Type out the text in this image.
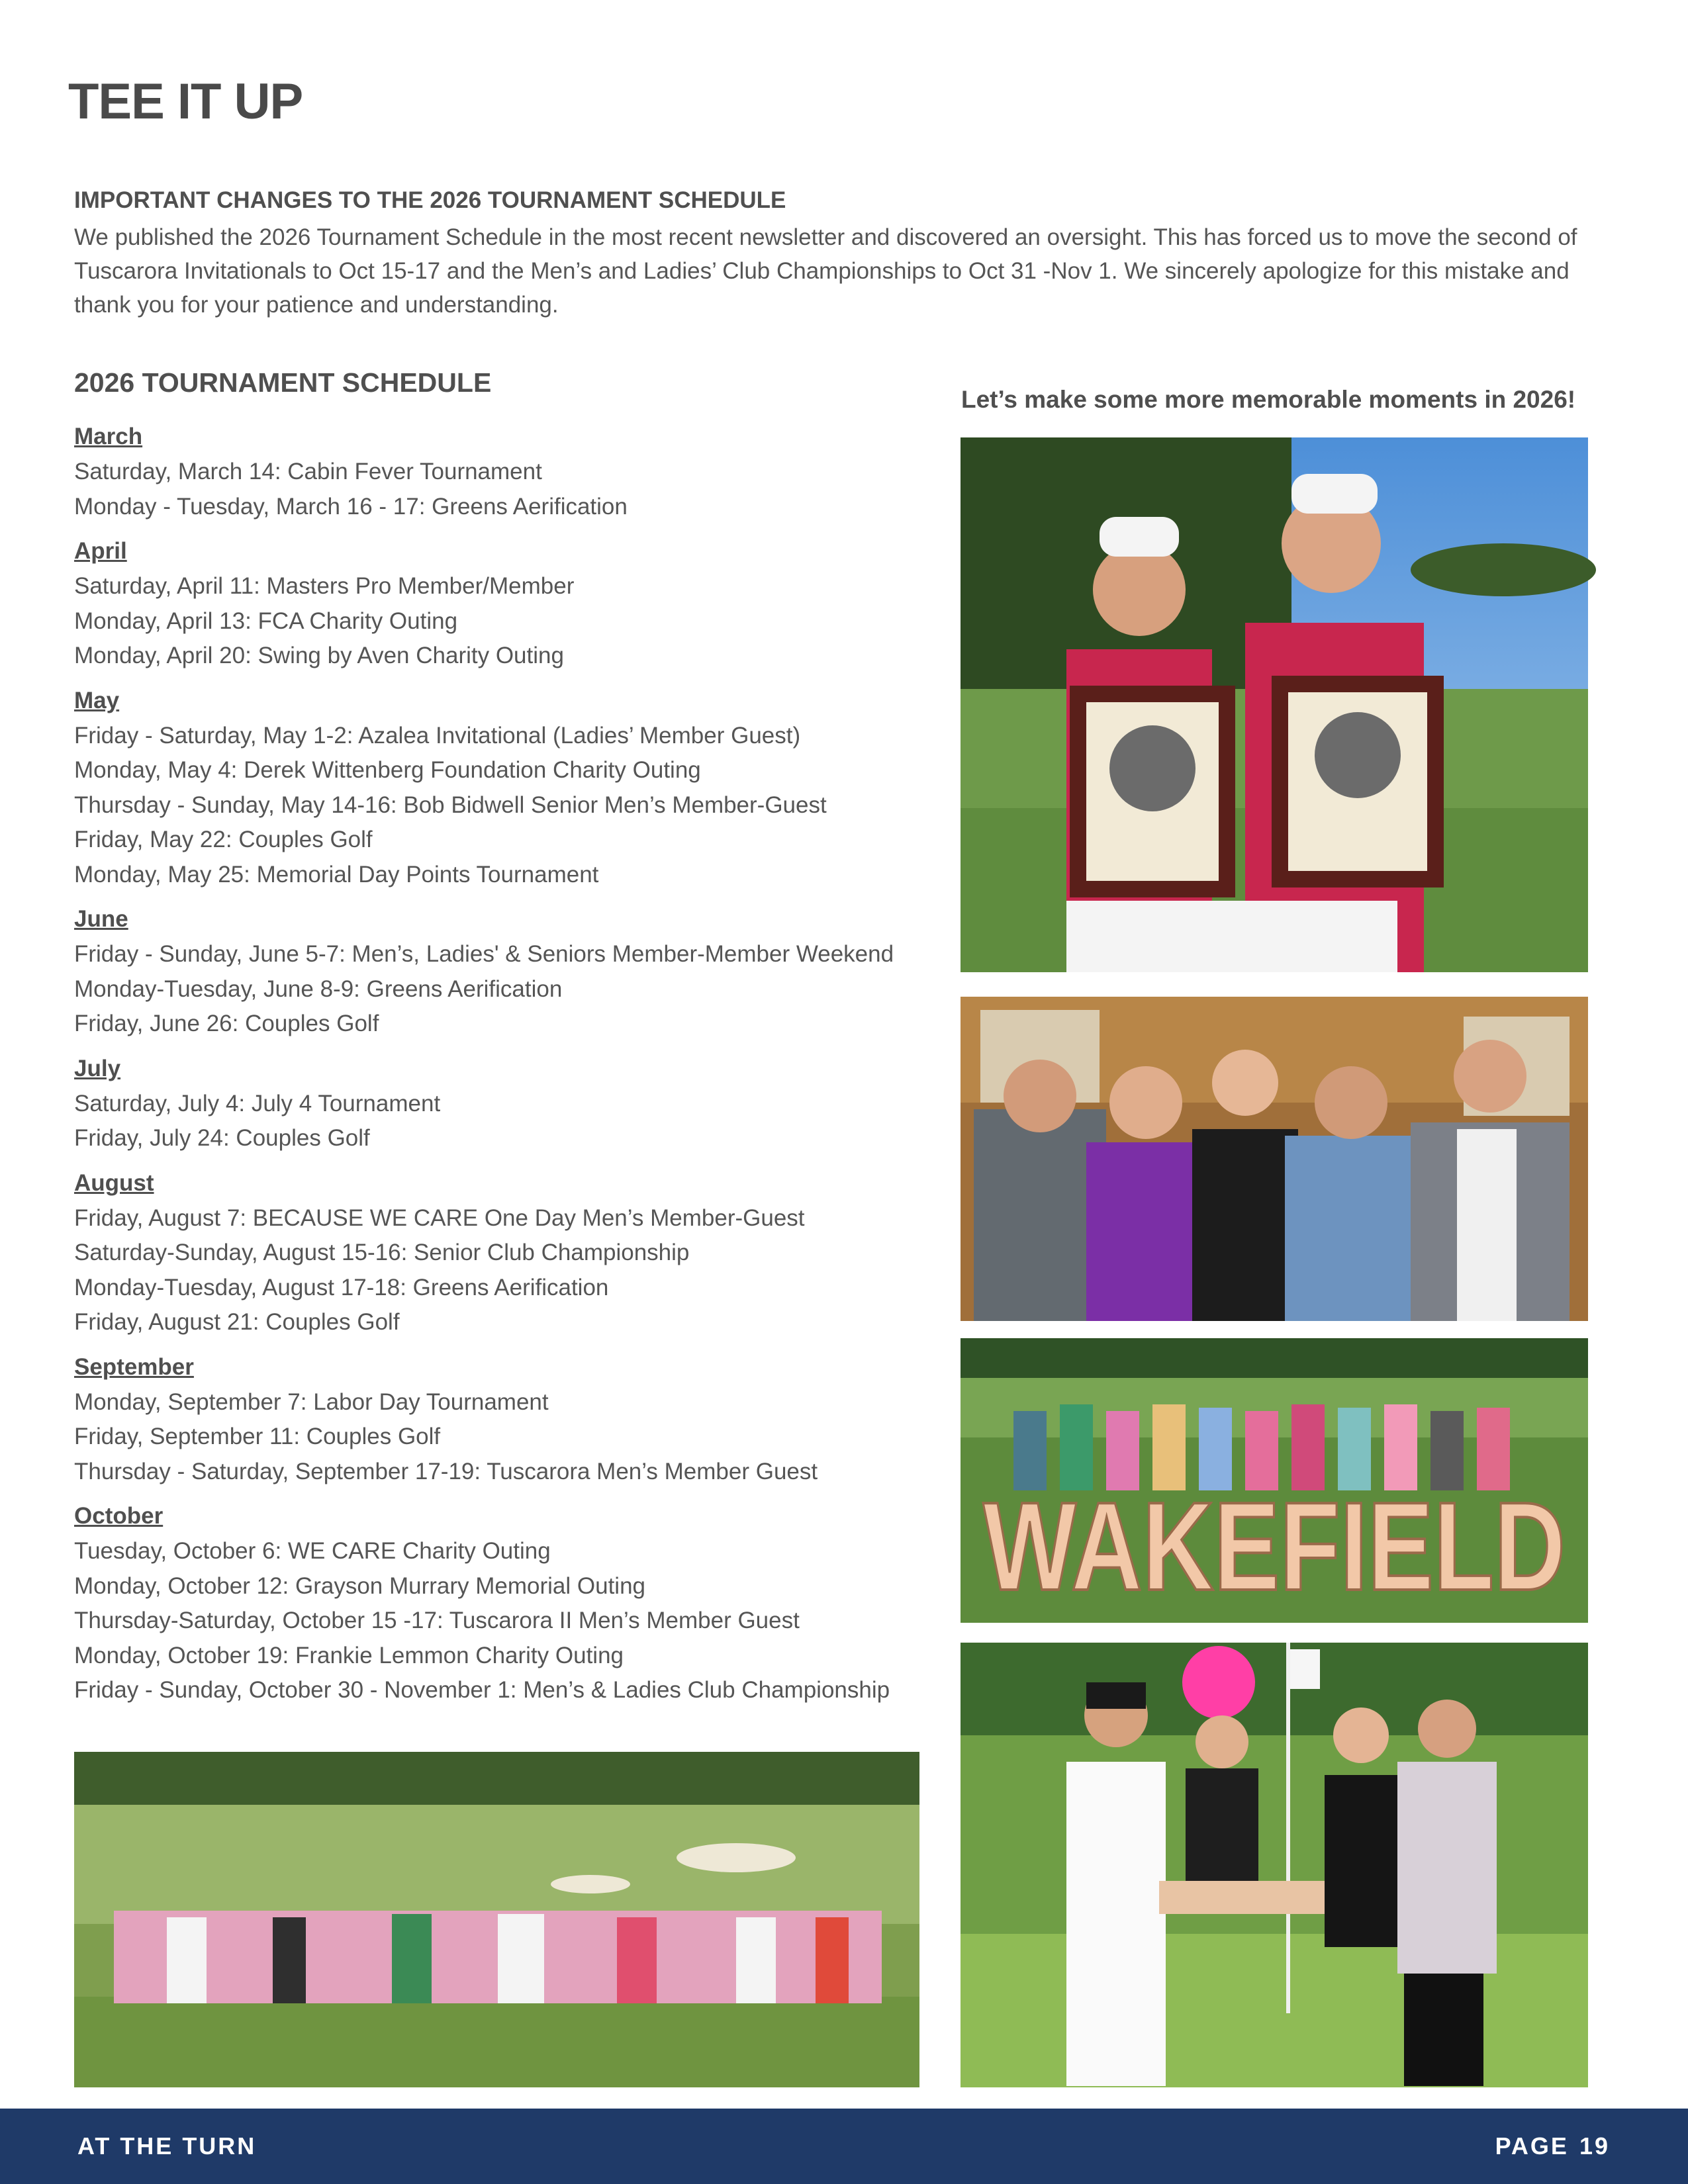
TEE IT UP
IMPORTANT CHANGES TO THE 2026 TOURNAMENT SCHEDULE
We published the 2026 Tournament Schedule in the most recent newsletter and discovered an oversight. This has forced us to move the second of Tuscarora Invitationals to Oct 15-17 and the Men’s and Ladies’ Club Championships to Oct 31 -Nov 1. We sincerely apologize for this mistake and thank you for your patience and understanding.
2026 TOURNAMENT SCHEDULE
March
Saturday, March 14: Cabin Fever Tournament
Monday - Tuesday, March 16 - 17: Greens Aerification
April
Saturday, April 11: Masters Pro Member/Member
Monday, April 13: FCA Charity Outing
Monday, April 20: Swing by Aven Charity Outing
May
Friday - Saturday, May 1-2: Azalea Invitational (Ladies’ Member Guest)
Monday, May 4: Derek Wittenberg Foundation Charity Outing
Thursday - Sunday, May 14-16: Bob Bidwell Senior Men’s Member-Guest
Friday, May 22: Couples Golf
Monday, May 25: Memorial Day Points Tournament
June
Friday - Sunday, June 5-7: Men’s, Ladies' & Seniors Member-Member Weekend
Monday-Tuesday, June 8-9: Greens Aerification
Friday, June 26: Couples Golf
July
Saturday, July 4: July 4 Tournament
Friday, July 24: Couples Golf
August
Friday, August 7: BECAUSE WE CARE One Day Men’s Member-Guest
Saturday-Sunday, August 15-16: Senior Club Championship
Monday-Tuesday, August 17-18: Greens Aerification
Friday, August 21: Couples Golf
September
Monday, September 7: Labor Day Tournament
Friday, September 11: Couples Golf
Thursday - Saturday, September 17-19: Tuscarora Men’s Member Guest
October
Tuesday, October 6: WE CARE Charity Outing
Monday, October 12: Grayson Murrary Memorial Outing
Thursday-Saturday, October 15 -17: Tuscarora II Men’s Member Guest
Monday, October 19: Frankie Lemmon Charity Outing
Friday - Sunday, October 30 - November 1: Men’s & Ladies Club Championship
Let’s make some more memorable moments in 2026!
WAKEFIELD
AT THE TURN	PAGE 19
